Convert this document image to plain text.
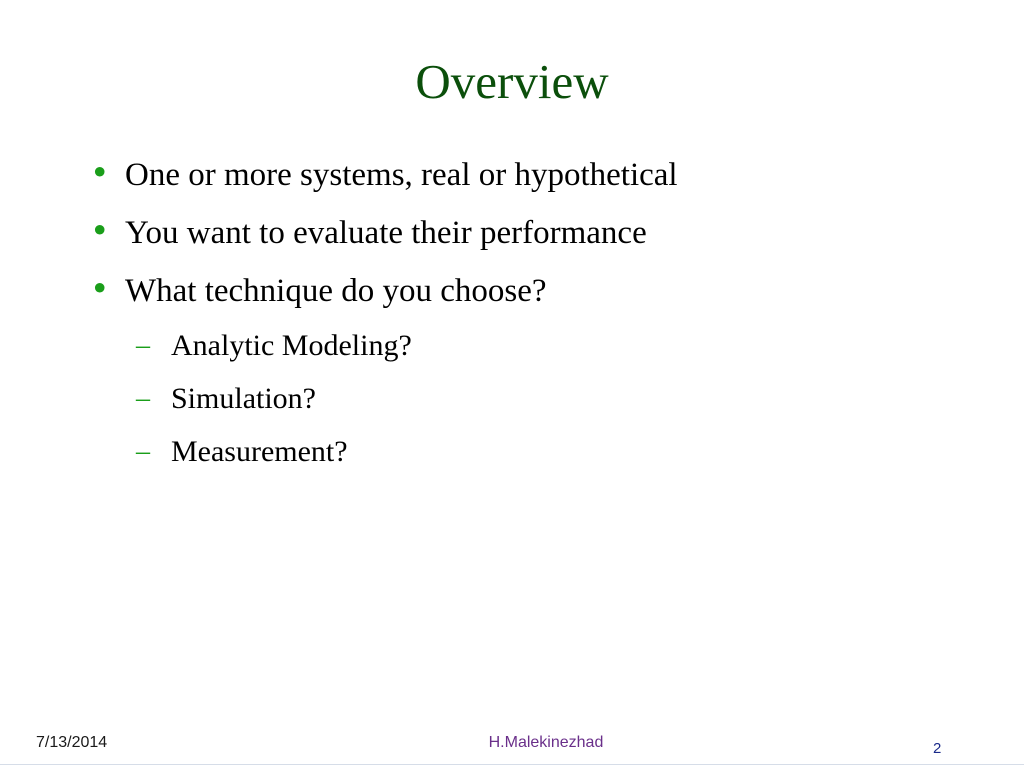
Overview
• One or more systems, real or hypothetical
• You want to evaluate their performance
• What technique do you choose?
– Analytic Modeling?
– Simulation?
– Measurement?
7/13/2014	H.Malekinezhad	2
